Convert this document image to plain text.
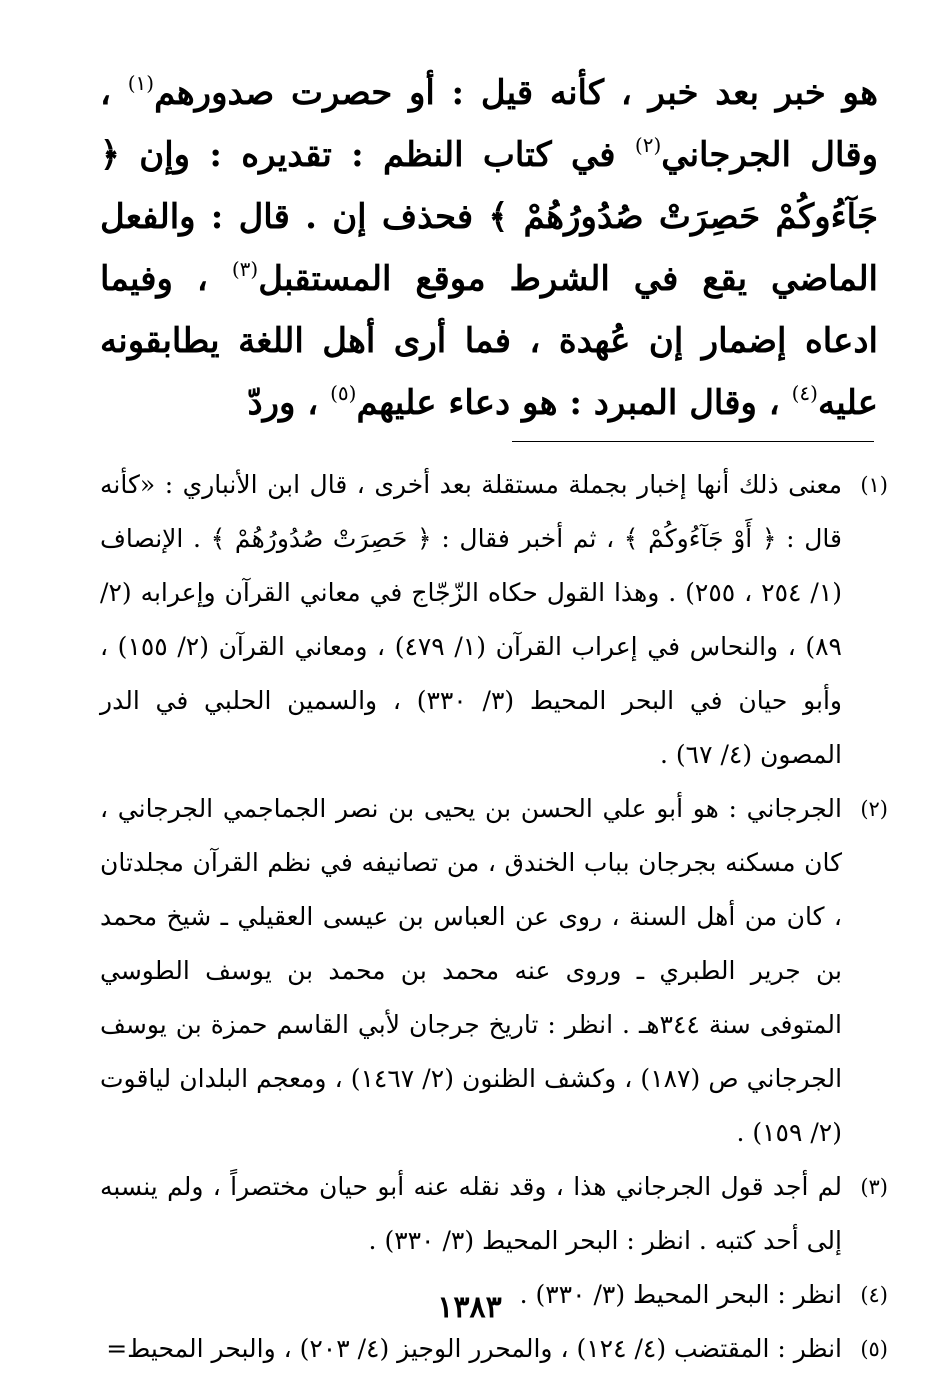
هو خبر بعد خبر ، كأنه قيل : أو حصرت صدورهم$^{(١)}$ ، وقال الجرجاني$^{(٢)}$ في كتاب النظم : تقديره : وإن ﴿ جَآءُوكُمْ حَصِرَتْ صُدُورُهُمْ ﴾ فحذف إن . قال : والفعل الماضي يقع في الشرط موقع المستقبل$^{(٣)}$ ، وفيما ادعاه إضمار إن عُهدة ، فما أرى أهل اللغة يطابقونه عليه$^{(٤)}$ ، وقال المبرد : هو دعاء عليهم$^{(٥)}$ ، وردّ

(١)
معنى ذلك أنها إخبار بجملة مستقلة بعد أخرى ، قال ابن الأنباري : «كأنه قال : ﴿ أَوْ جَآءُوكُمْ ﴾ ، ثم أخبر فقال : ﴿ حَصِرَتْ صُدُورُهُمْ ﴾ . الإنصاف (١/ ٢٥٤ ، ٢٥٥) . وهذا القول حكاه الزّجّاج في معاني القرآن وإعرابه (٢/ ٨٩) ، والنحاس في إعراب القرآن (١/ ٤٧٩) ، ومعاني القرآن (٢/ ١٥٥) ، وأبو حيان في البحر المحيط (٣/ ٣٣٠) ، والسمين الحلبي في الدر المصون (٤/ ٦٧) .
(٢)
الجرجاني : هو أبو علي الحسن بن يحيى بن نصر الجماجمي الجرجاني ، كان مسكنه بجرجان بباب الخندق ، من تصانيفه في نظم القرآن مجلدتان ، كان من أهل السنة ، روى عن العباس بن عيسى العقيلي ـ شيخ محمد بن جرير الطبري ـ وروى عنه محمد بن محمد بن يوسف الطوسي المتوفى سنة ٣٤٤هـ . انظر : تاريخ جرجان لأبي القاسم حمزة بن يوسف الجرجاني ص (١٨٧) ، وكشف الظنون (٢/ ١٤٦٧) ، ومعجم البلدان لياقوت (٢/ ١٥٩) .
(٣)
لم أجد قول الجرجاني هذا ، وقد نقله عنه أبو حيان مختصراً ، ولم ينسبه إلى أحد كتبه . انظر : البحر المحيط (٣/ ٣٣٠) .
(٤)
انظر : البحر المحيط (٣/ ٣٣٠) .
(٥)
انظر : المقتضب (٤/ ١٢٤) ، والمحرر الوجيز (٤/ ٢٠٣) ، والبحر المحيط=
١٣٨٣
